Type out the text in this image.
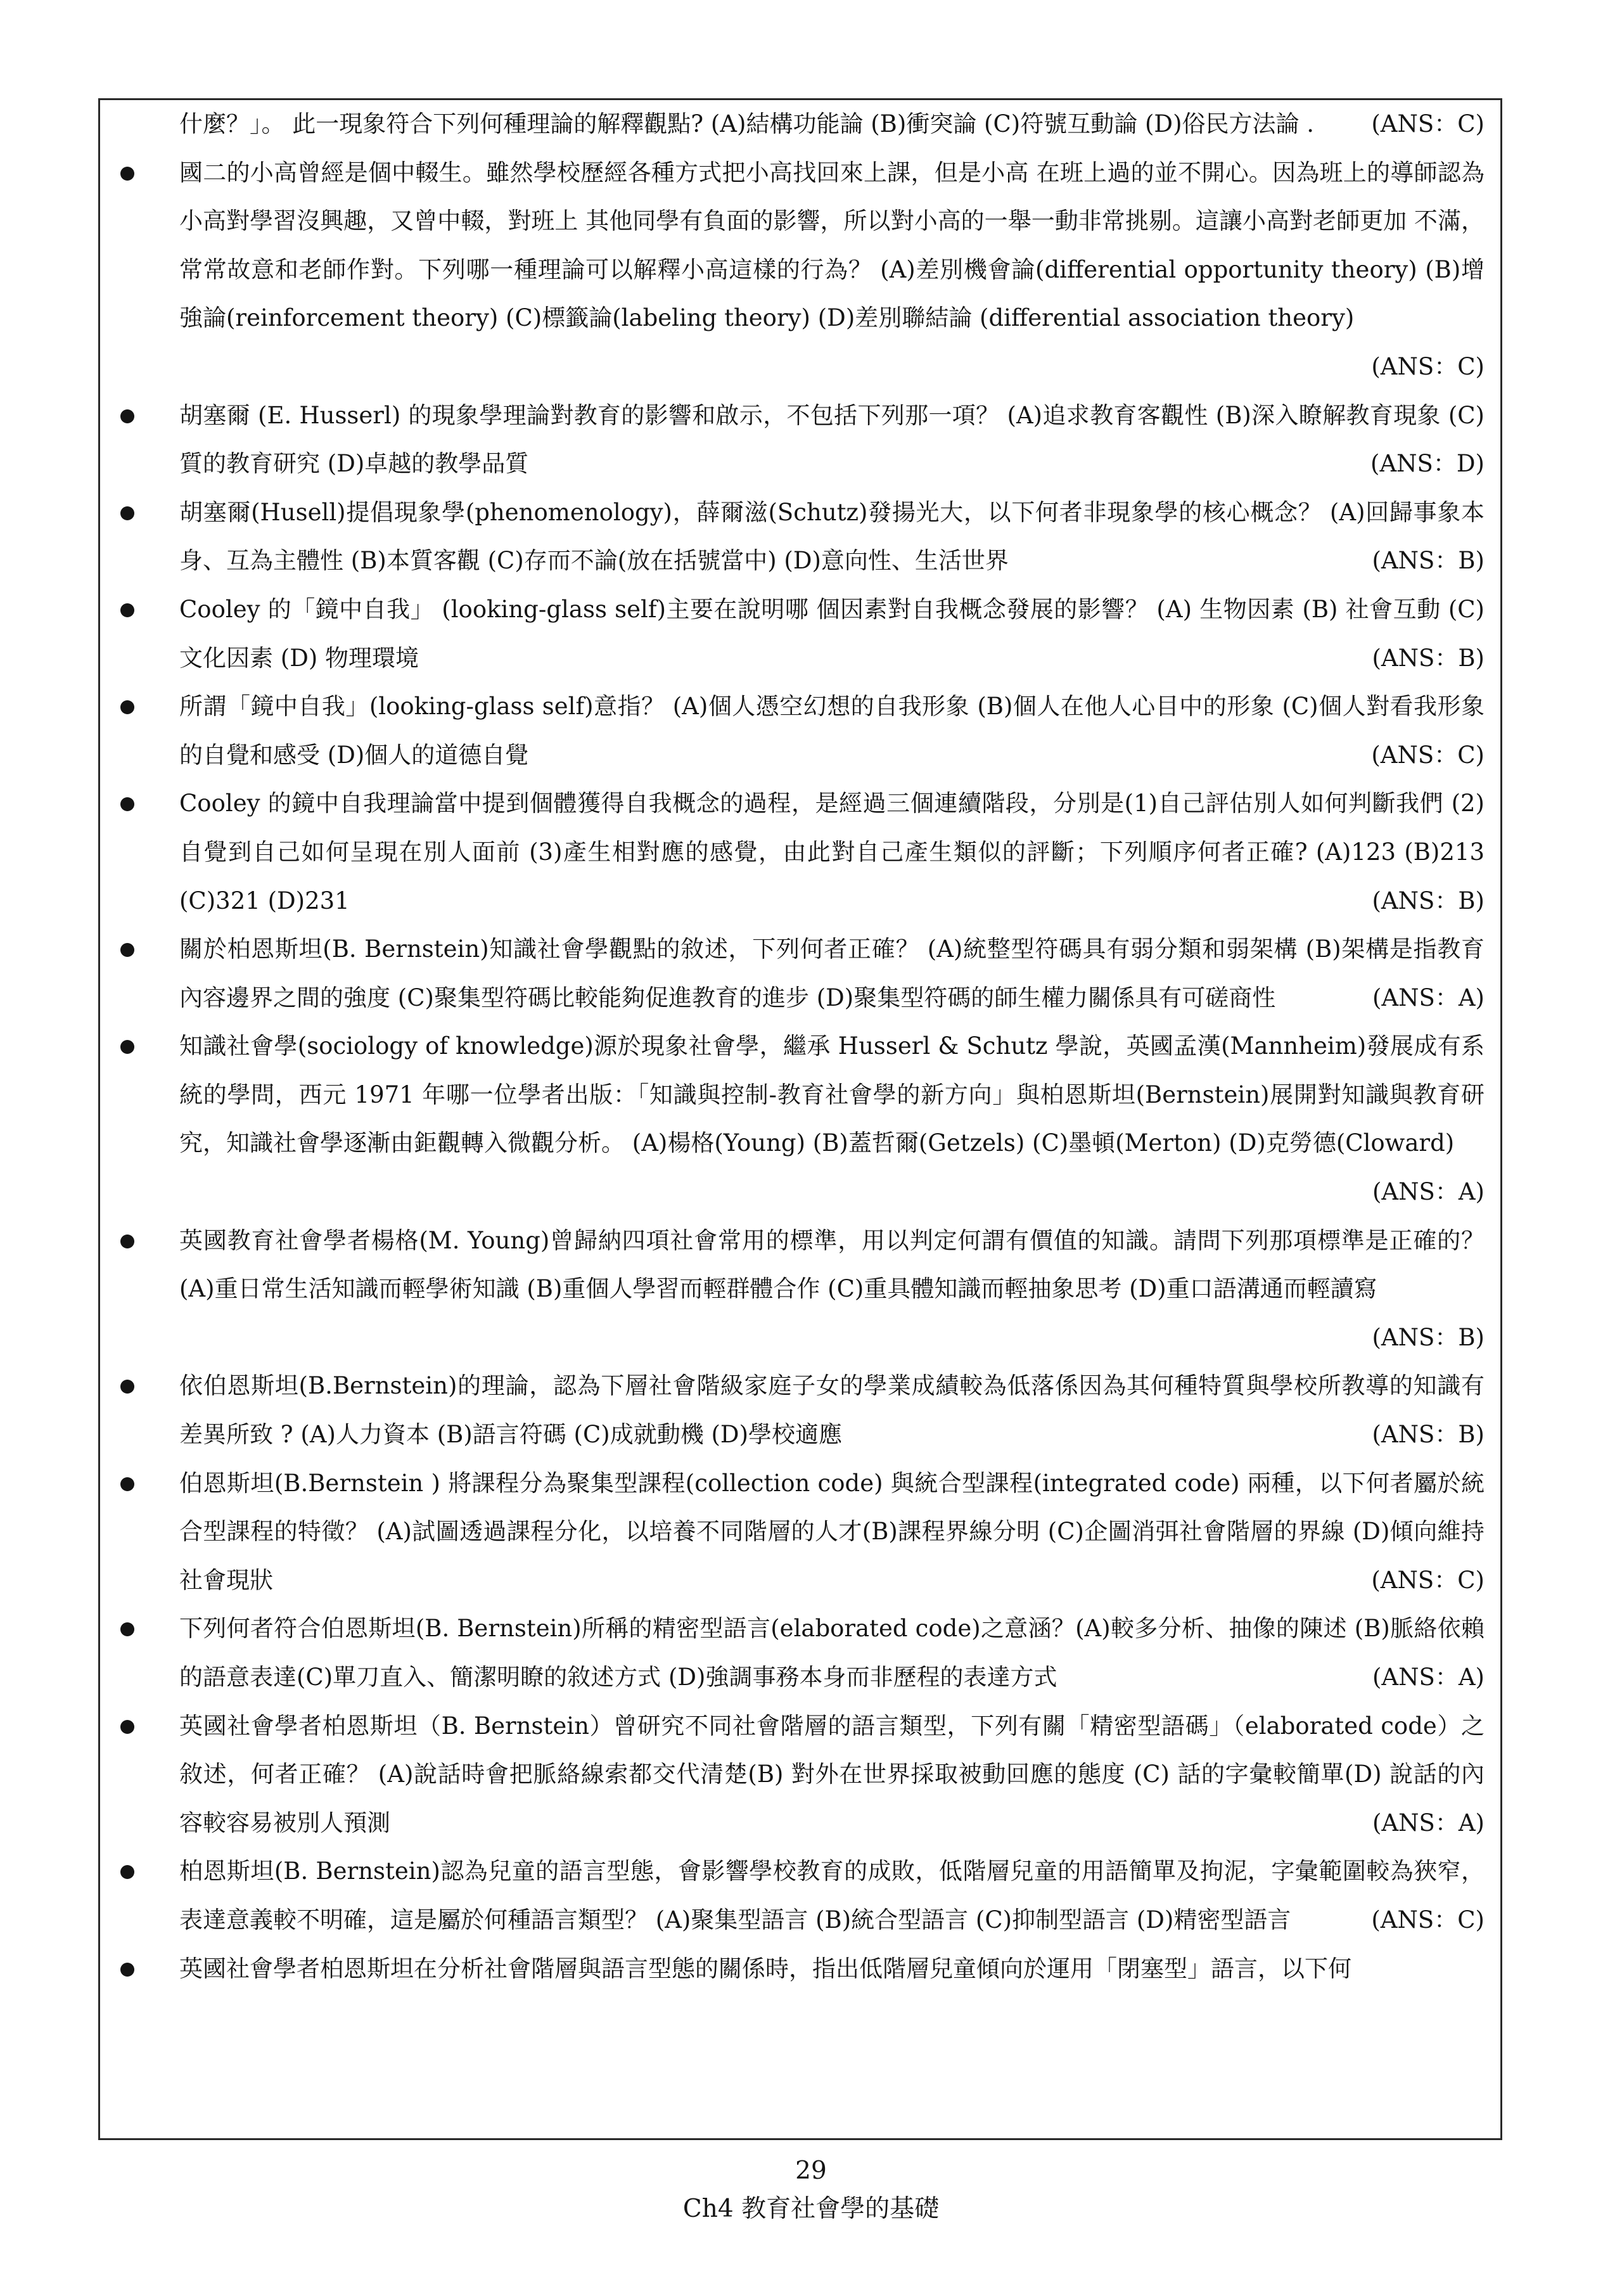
什麼？」。 此一現象符合下列何種理論的解釋觀點? (A)結構功能論 (B)衝突論 (C)符號互動論 (D)俗民方法論 .	(ANS：C)
國二的小高曾經是個中輟生。雖然學校歷經各種方式把小高找回來上課，但是小高 在班上過的並不開心。因為班上的導師認為小高對學習沒興趣，又曾中輟，對班上 其他同學有負面的影響，所以對小高的一舉一動非常挑剔。這讓小高對老師更加 不滿，常常故意和老師作對。下列哪一種理論可以解釋小高這樣的行為？ (A)差別機會論(differential opportunity theory) (B)增強論(reinforcement theory) (C)標籤論(labeling theory) (D)差別聯結論 (differential association theory)
(ANS：C)
胡塞爾 (E. Husserl) 的現象學理論對教育的影響和啟示，不包括下列那一項？ (A)追求教育客觀性 (B)深入瞭解教育現象 (C)質的教育研究 (D)卓越的教學品質	(ANS：D)
胡塞爾(Husell)提倡現象學(phenomenology)，薛爾滋(Schutz)發揚光大，以下何者非現象學的核心概念？ (A)回歸事象本身、互為主體性 (B)本質客觀 (C)存而不論(放在括號當中) (D)意向性、生活世界	(ANS：B)
Cooley 的「鏡中自我」 (looking-glass self)主要在說明哪 個因素對自我概念發展的影響？ (A) 生物因素 (B) 社會互動 (C) 文化因素 (D) 物理環境	(ANS：B)
所謂「鏡中自我」(looking-glass self)意指？ (A)個人憑空幻想的自我形象 (B)個人在他人心目中的形象 (C)個人對看我形象的自覺和感受 (D)個人的道德自覺	(ANS：C)
Cooley 的鏡中自我理論當中提到個體獲得自我概念的過程，是經過三個連續階段，分別是(1)自己評估別人如何判斷我們 (2)自覺到自己如何呈現在別人面前 (3)產生相對應的感覺，由此對自己產生類似的評斷；下列順序何者正確? (A)123 (B)213 (C)321 (D)231	(ANS：B)
關於柏恩斯坦(B. Bernstein)知識社會學觀點的敘述，下列何者正確？ (A)統整型符碼具有弱分類和弱架構 (B)架構是指教育內容邊界之間的強度 (C)聚集型符碼比較能夠促進教育的進步 (D)聚集型符碼的師生權力關係具有可磋商性	(ANS：A)
知識社會學(sociology of knowledge)源於現象社會學，繼承 Husserl & Schutz 學說，英國孟漢(Mannheim)發展成有系統的學問，西元 1971 年哪一位學者出版：「知識與控制-教育社會學的新方向」與柏恩斯坦(Bernstein)展開對知識與教育研究，知識社會學逐漸由鉅觀轉入微觀分析。 (A)楊格(Young) (B)蓋哲爾(Getzels) (C)墨頓(Merton) (D)克勞德(Cloward)
(ANS：A)
英國教育社會學者楊格(M. Young)曾歸納四項社會常用的標準，用以判定何謂有價值的知識。請問下列那項標準是正確的？ (A)重日常生活知識而輕學術知識 (B)重個人學習而輕群體合作 (C)重具體知識而輕抽象思考 (D)重口語溝通而輕讀寫
(ANS：B)
依伯恩斯坦(B.Bernstein)的理論，認為下層社會階級家庭子女的學業成績較為低落係因為其何種特質與學校所教導的知識有差異所致 ? (A)人力資本 (B)語言符碼 (C)成就動機 (D)學校適應	(ANS：B)
伯恩斯坦(B.Bernstein ) 將課程分為聚集型課程(collection code) 與統合型課程(integrated code) 兩種，以下何者屬於統合型課程的特徵？ (A)試圖透過課程分化，以培養不同階層的人才(B)課程界線分明 (C)企圖消弭社會階層的界線 (D)傾向維持社會現狀	(ANS：C)
下列何者符合伯恩斯坦(B. Bernstein)所稱的精密型語言(elaborated code)之意涵？(A)較多分析、抽像的陳述 (B)脈絡依賴的語意表達(C)單刀直入、簡潔明瞭的敘述方式 (D)強調事務本身而非歷程的表達方式	(ANS：A)
英國社會學者柏恩斯坦（B. Bernstein）曾研究不同社會階層的語言類型，下列有關「精密型語碼」（elaborated code）之敘述，何者正確？ (A)說話時會把脈絡線索都交代清楚(B) 對外在世界採取被動回應的態度 (C) 話的字彙較簡單(D) 說話的內容較容易被別人預測	(ANS：A)
柏恩斯坦(B. Bernstein)認為兒童的語言型態，會影響學校教育的成敗，低階層兒童的用語簡單及拘泥，字彙範圍較為狹窄，表達意義較不明確，這是屬於何種語言類型？ (A)聚集型語言 (B)統合型語言 (C)抑制型語言 (D)精密型語言	(ANS：C)
英國社會學者柏恩斯坦在分析社會階層與語言型態的關係時，指出低階層兒童傾向於運用「閉塞型」語言，以下何
29
Ch4 教育社會學的基礎
